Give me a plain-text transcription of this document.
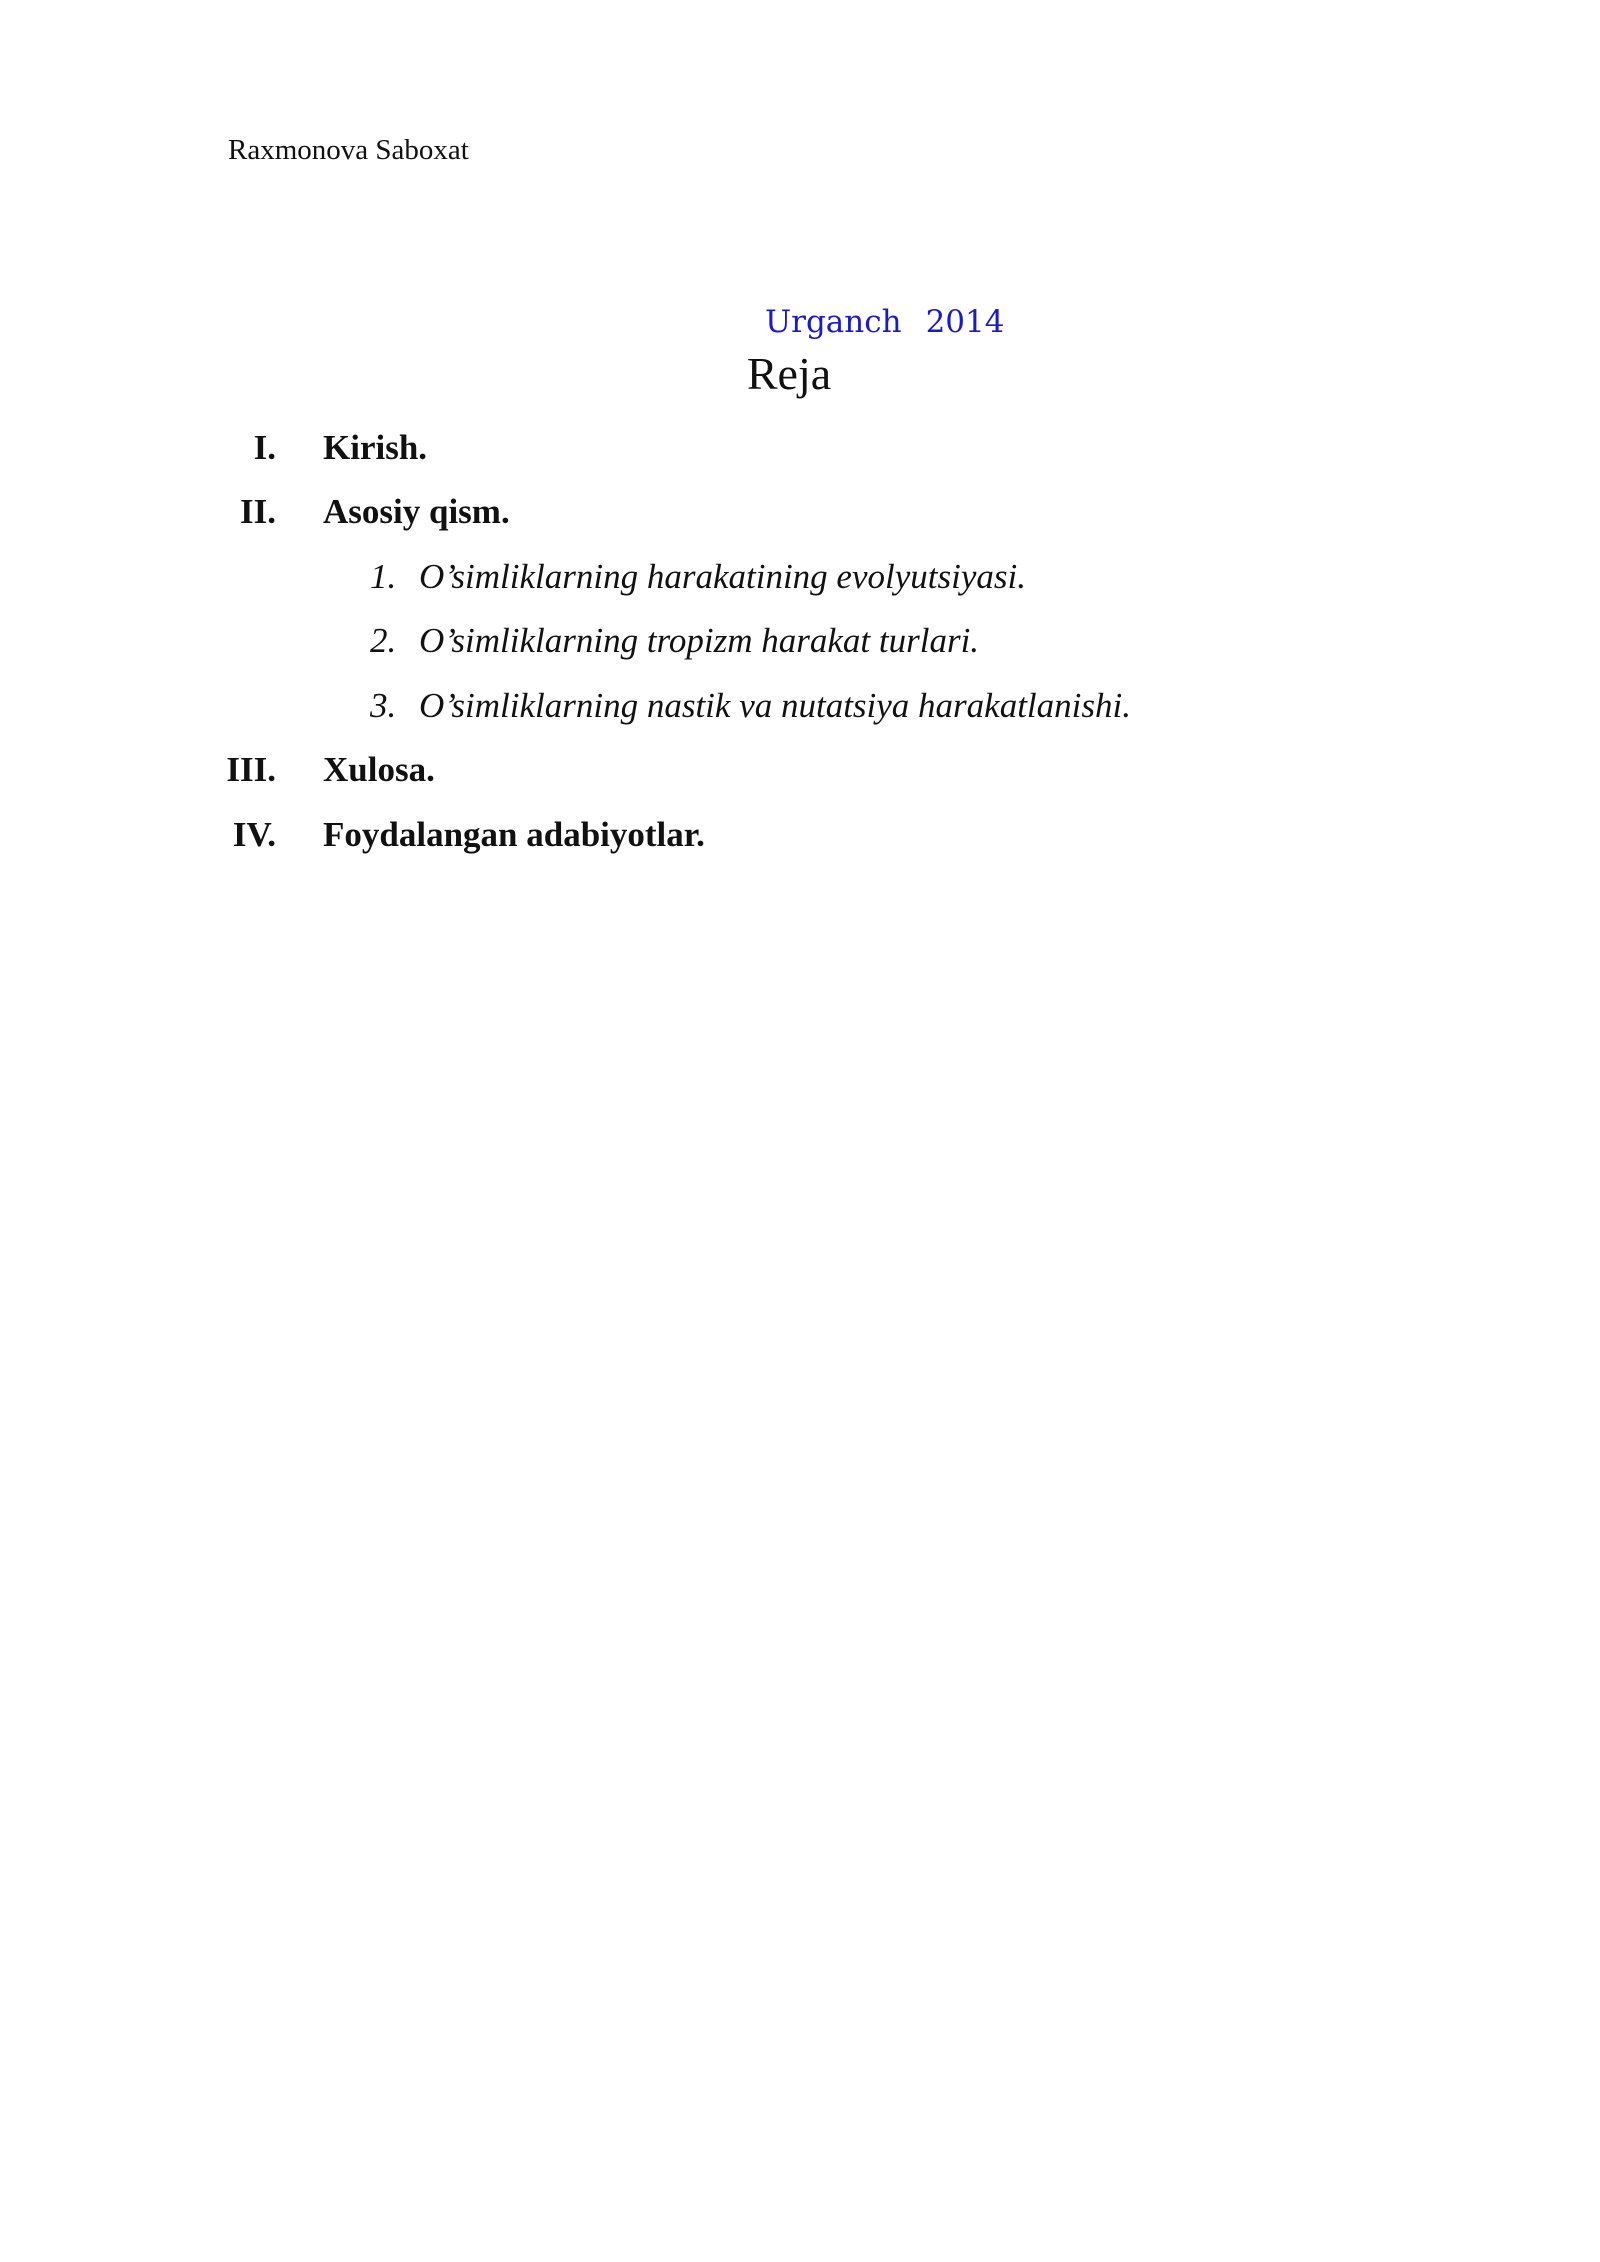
Raxmonova Saboxat
Urganch 2014
Reja
I. Kirish.
II. Asosiy qism.
1. O’simliklarning harakatining evolyutsiyasi.
2. O’simliklarning tropizm harakat turlari.
3. O’simliklarning nastik va nutatsiya harakatlanishi.
III. Xulosa.
IV. Foydalangan adabiyotlar.
